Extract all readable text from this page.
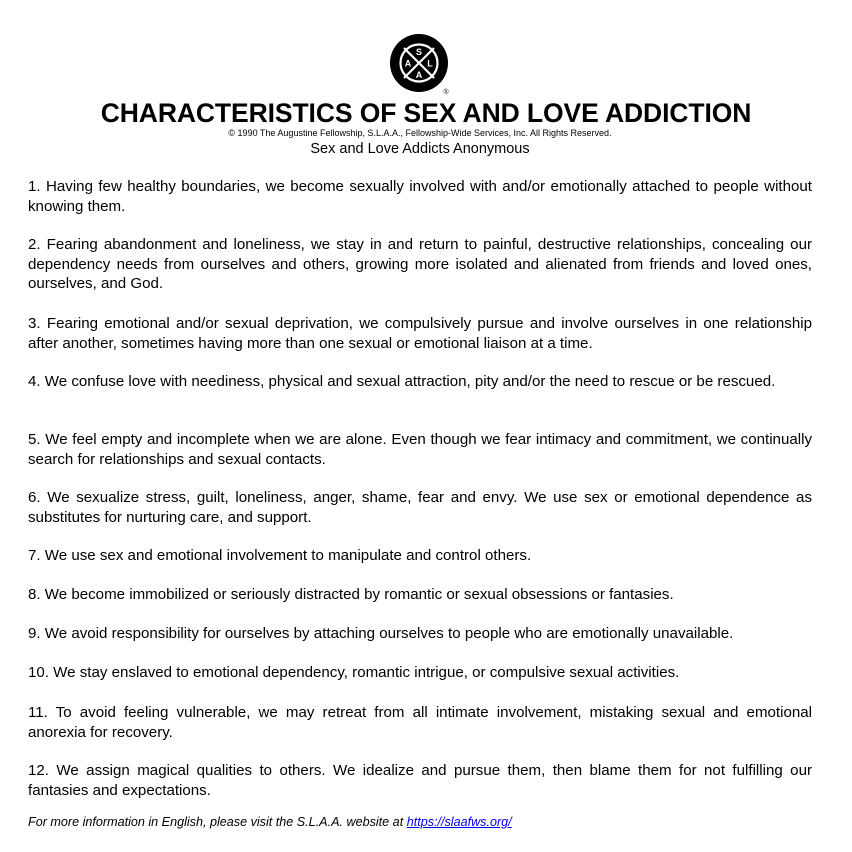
S
L
A
A
®
CHARACTERISTICS OF SEX AND LOVE ADDICTION
© 1990 The Augustine Fellowship, S.L.A.A., Fellowship-Wide Services, Inc. All Rights Reserved.
Sex and Love Addicts Anonymous

1. Having few healthy boundaries, we become sexually involved with and/or emotionally attached to people without knowing them.

2. Fearing abandonment and loneliness, we stay in and return to painful, destructive relationships, concealing our dependency needs from ourselves and others, growing more isolated and alienated from friends and loved ones, ourselves, and God.

3. Fearing emotional and/or sexual deprivation, we compulsively pursue and involve ourselves in one relationship after another, sometimes having more than one sexual or emotional liaison at a time.

4. We confuse love with neediness, physical and sexual attraction, pity and/or the need to rescue or be rescued.

5. We feel empty and incomplete when we are alone. Even though we fear intimacy and commitment, we continually search for relationships and sexual contacts.

6. We sexualize stress, guilt, loneliness, anger, shame, fear and envy. We use sex or emotional dependence as substitutes for nurturing care, and support.

7. We use sex and emotional involvement to manipulate and control others.

8. We become immobilized or seriously distracted by romantic or sexual obsessions or fantasies.

9. We avoid responsibility for ourselves by attaching ourselves to people who are emotionally unavailable.

10. We stay enslaved to emotional dependency, romantic intrigue, or compulsive sexual activities.

11. To avoid feeling vulnerable, we may retreat from all intimate involvement, mistaking sexual and emotional anorexia for recovery.

12. We assign magical qualities to others. We idealize and pursue them, then blame them for not fulfilling our fantasies and expectations.

For more information in English, please visit the S.L.A.A. website at https://slaafws.org/
